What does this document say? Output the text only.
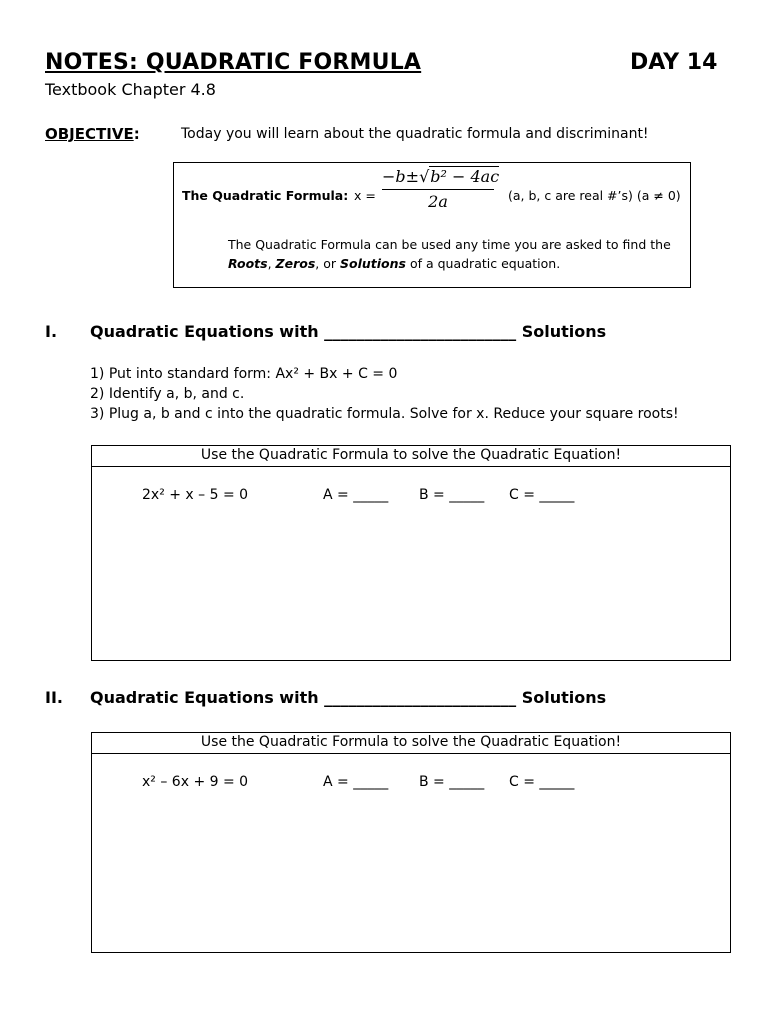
NOTES: QUADRATIC FORMULA	DAY 14
Textbook Chapter 4.8
OBJECTIVE:	Today you will learn about the quadratic formula and discriminant!
The Quadratic Formula: $x = \frac{\text{−b±√b² − 4ac}}{2a} (a$, b, c are real #’s) (a ≠ 0)
The Quadratic Formula can be used any time you are asked to find the
Roots, Zeros, or Solutions of a quadratic equation.
I. Quadratic Equations with ________________________ Solutions
1) Put into standard form: Ax² + Bx + C = 0
2) Identify a, b, and c.
3) Plug a, b and c into the quadratic formula. Solve for x. Reduce your square roots!
Use the Quadratic Formula to solve the Quadratic Equation!
2x² + x – 5 = 0	A = _____ B = _____ C = _____
II. Quadratic Equations with ________________________ Solutions
Use the Quadratic Formula to solve the Quadratic Equation!
x² – 6x + 9 = 0	A = _____ B = _____ C = _____
